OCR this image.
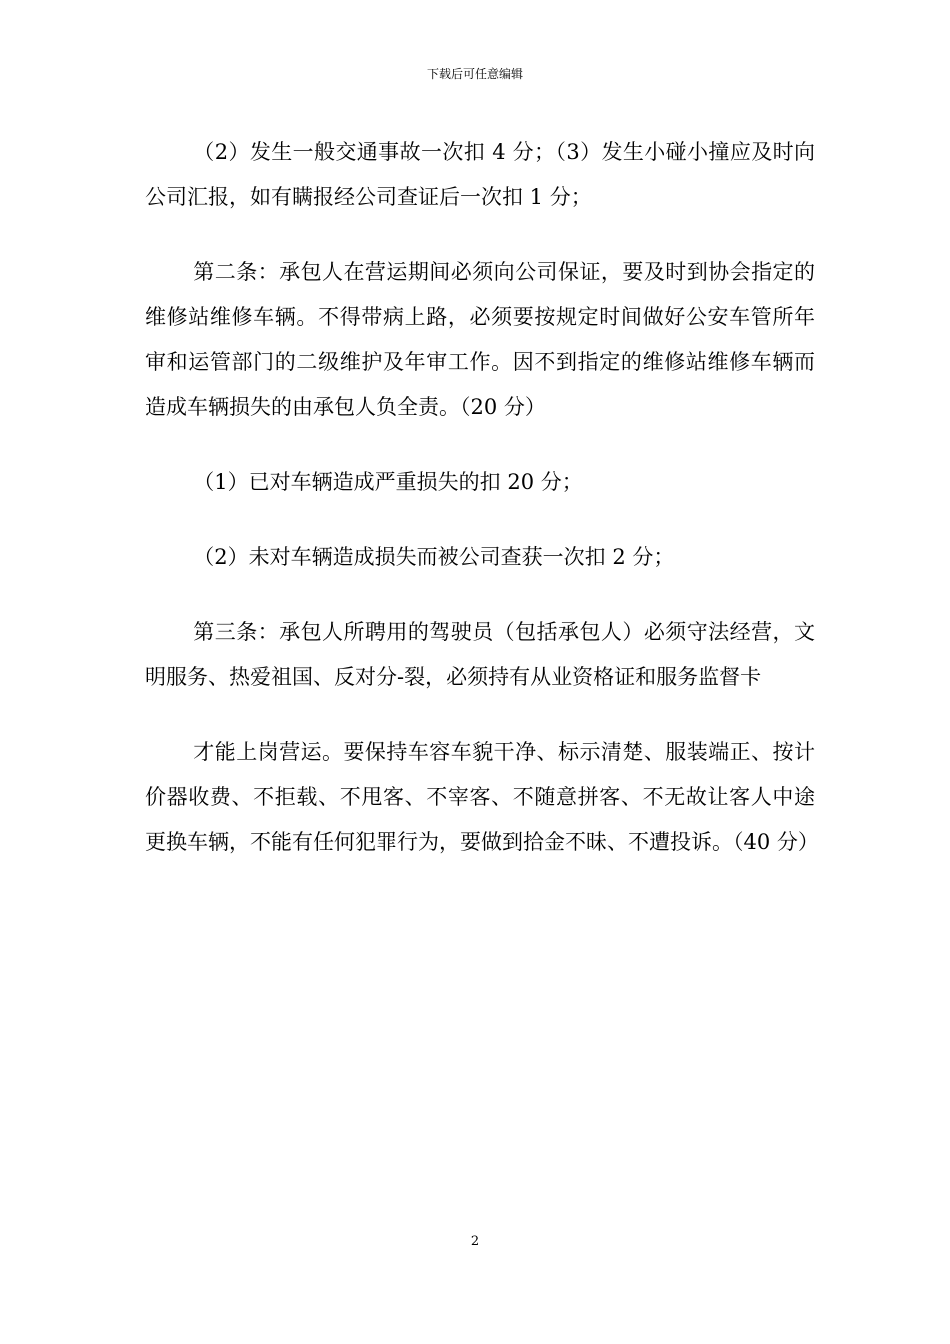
下载后可任意编辑

（2）发生一般交通事故一次扣 4 分；（3）发生小碰小撞应及时向公司汇报，如有瞒报经公司查证后一次扣 1 分；

第二条：承包人在营运期间必须向公司保证，要及时到协会指定的维修站维修车辆。不得带病上路，必须要按规定时间做好公安车管所年审和运管部门的二级维护及年审工作。因不到指定的维修站维修车辆而造成车辆损失的由承包人负全责。（20 分）

（1）已对车辆造成严重损失的扣 20 分；

（2）未对车辆造成损失而被公司查获一次扣 2 分；

第三条：承包人所聘用的驾驶员（包括承包人）必须守法经营，文明服务、热爱祖国、反对分-裂，必须持有从业资格证和服务监督卡

才能上岗营运。要保持车容车貌干净、标示清楚、服装端正、按计价器收费、不拒载、不甩客、不宰客、不随意拼客、不无故让客人中途更换车辆，不能有任何犯罪行为，要做到拾金不昧、不遭投诉。（40 分）

2
